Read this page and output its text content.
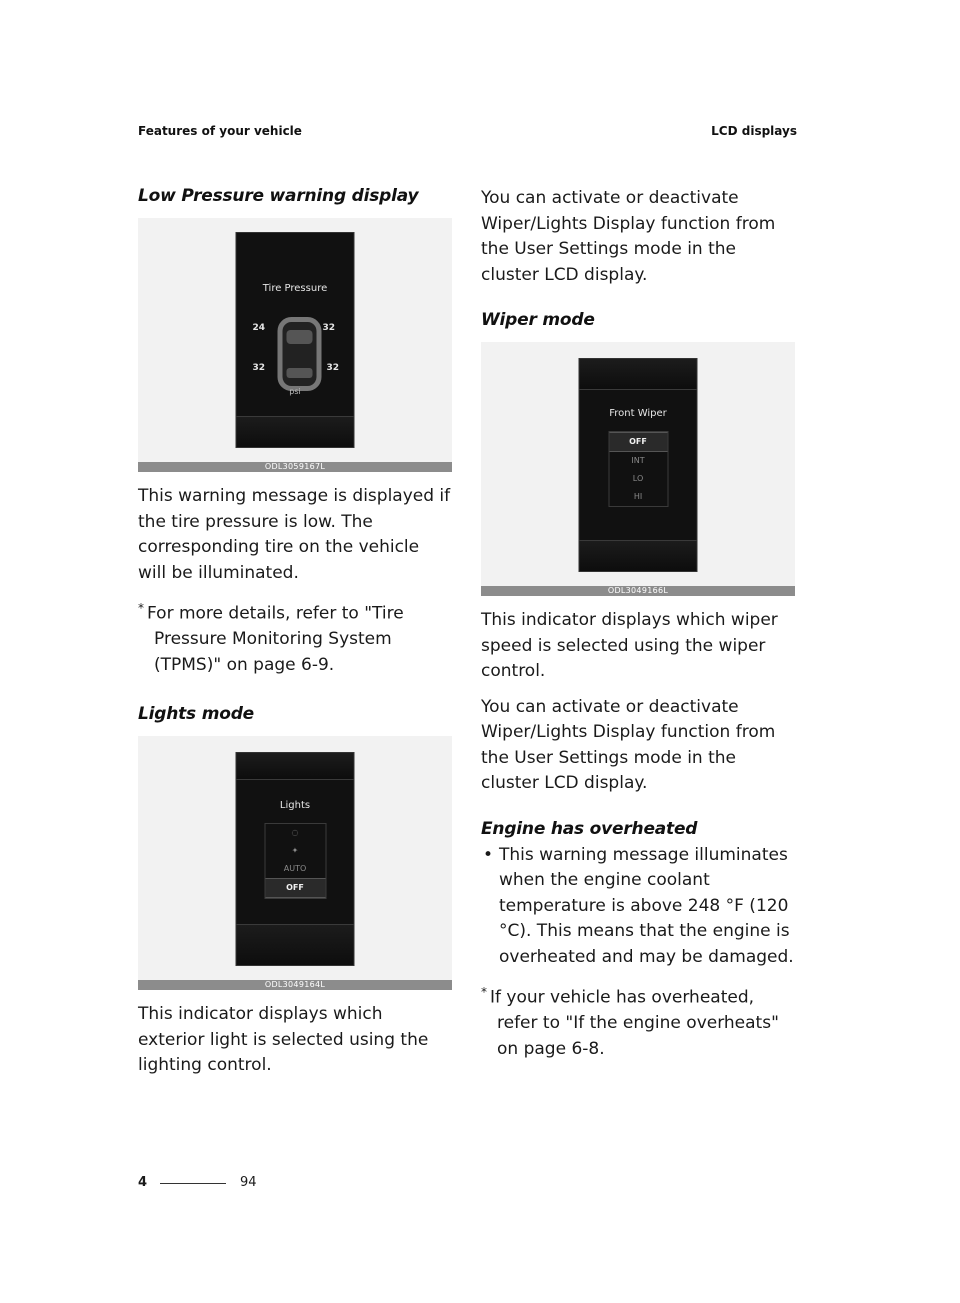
Features of your vehicle	LCD displays
Low Pressure warning display
Tire Pressure
24	32
32	32
psi
ODL3059167L

This warning message is displayed if the tire pressure is low. The corresponding tire on the vehicle will be illuminated.

* For more details, refer to "Tire Pressure Monitoring System (TPMS)" on page 6-9.

Lights mode
Lights
◌
✦
AUTO
OFF
ODL3049164L

This indicator displays which exterior light is selected using the lighting control.

You can activate or deactivate Wiper/Lights Display function from the User Settings mode in the cluster LCD display.

Wiper mode
Front Wiper
OFF
INT
LO
HI
ODL3049166L

This indicator displays which wiper speed is selected using the wiper control.

You can activate or deactivate Wiper/Lights Display function from the User Settings mode in the cluster LCD display.

Engine has overheated
• This warning message illuminates when the engine coolant temperature is above 248 °F (120 °C). This means that the engine is overheated and may be damaged.

* If your vehicle has overheated, refer to "If the engine overheats" on page 6-8.

4	94
